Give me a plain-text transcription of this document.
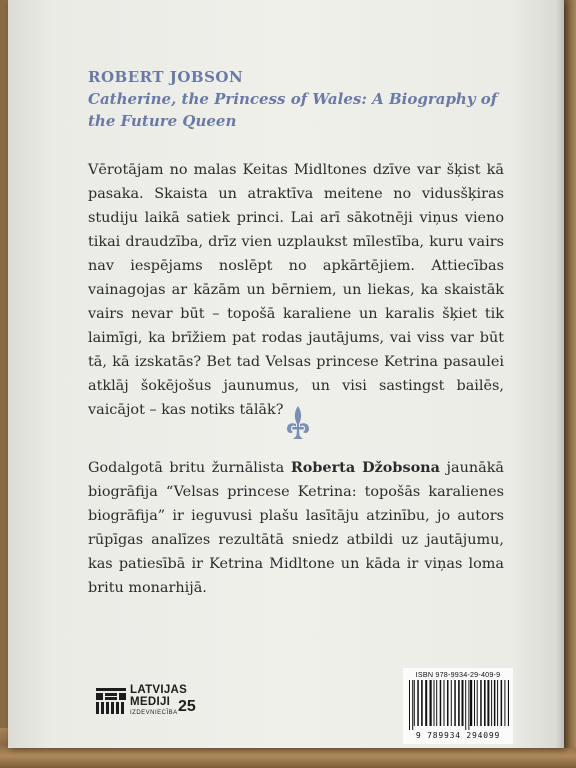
ROBERT JOBSON

Catherine, the Princess of Wales: A Biography of the Future Queen

Vērotājam no malas Keitas Midltones dzīve var šķist kā pasaka. Skaista un atraktīva meitene no vidusšķiras studiju laikā satiek princi. Lai arī sākotnēji viņus vieno tikai draudzība, drīz vien uzplaukst mīlestība, kuru vairs nav iespējams noslēpt no apkārtējiem. Attiecības vainagojas ar kāzām un bērniem, un liekas, ka skaistāk vairs nevar būt – topošā karaliene un karalis šķiet tik laimīgi, ka brīžiem pat rodas jautājums, vai viss var būt tā, kā izskatās? Bet tad Velsas princese Ketrina pasaulei atklāj šokējošus jaunumus, un visi sastingst bailēs, vaicājot – kas notiks tālāk?

Godalgotā britu žurnālista Roberta Džobsona jaunākā biogrāfija “Velsas princese Ketrina: topošās karalienes biogrāfija” ir ieguvusi plašu lasītāju atzinību, jo autors rūpīgas analīzes rezultātā sniedz atbildi uz jautājumu, kas patiesībā ir Ketrina Midltone un kāda ir viņas loma britu monarhijā.

LATVIJAS
MEDIJI
IZDEVNIECĪBA 25
ISBN 978-9934-29-409-9
9 789934 294099
